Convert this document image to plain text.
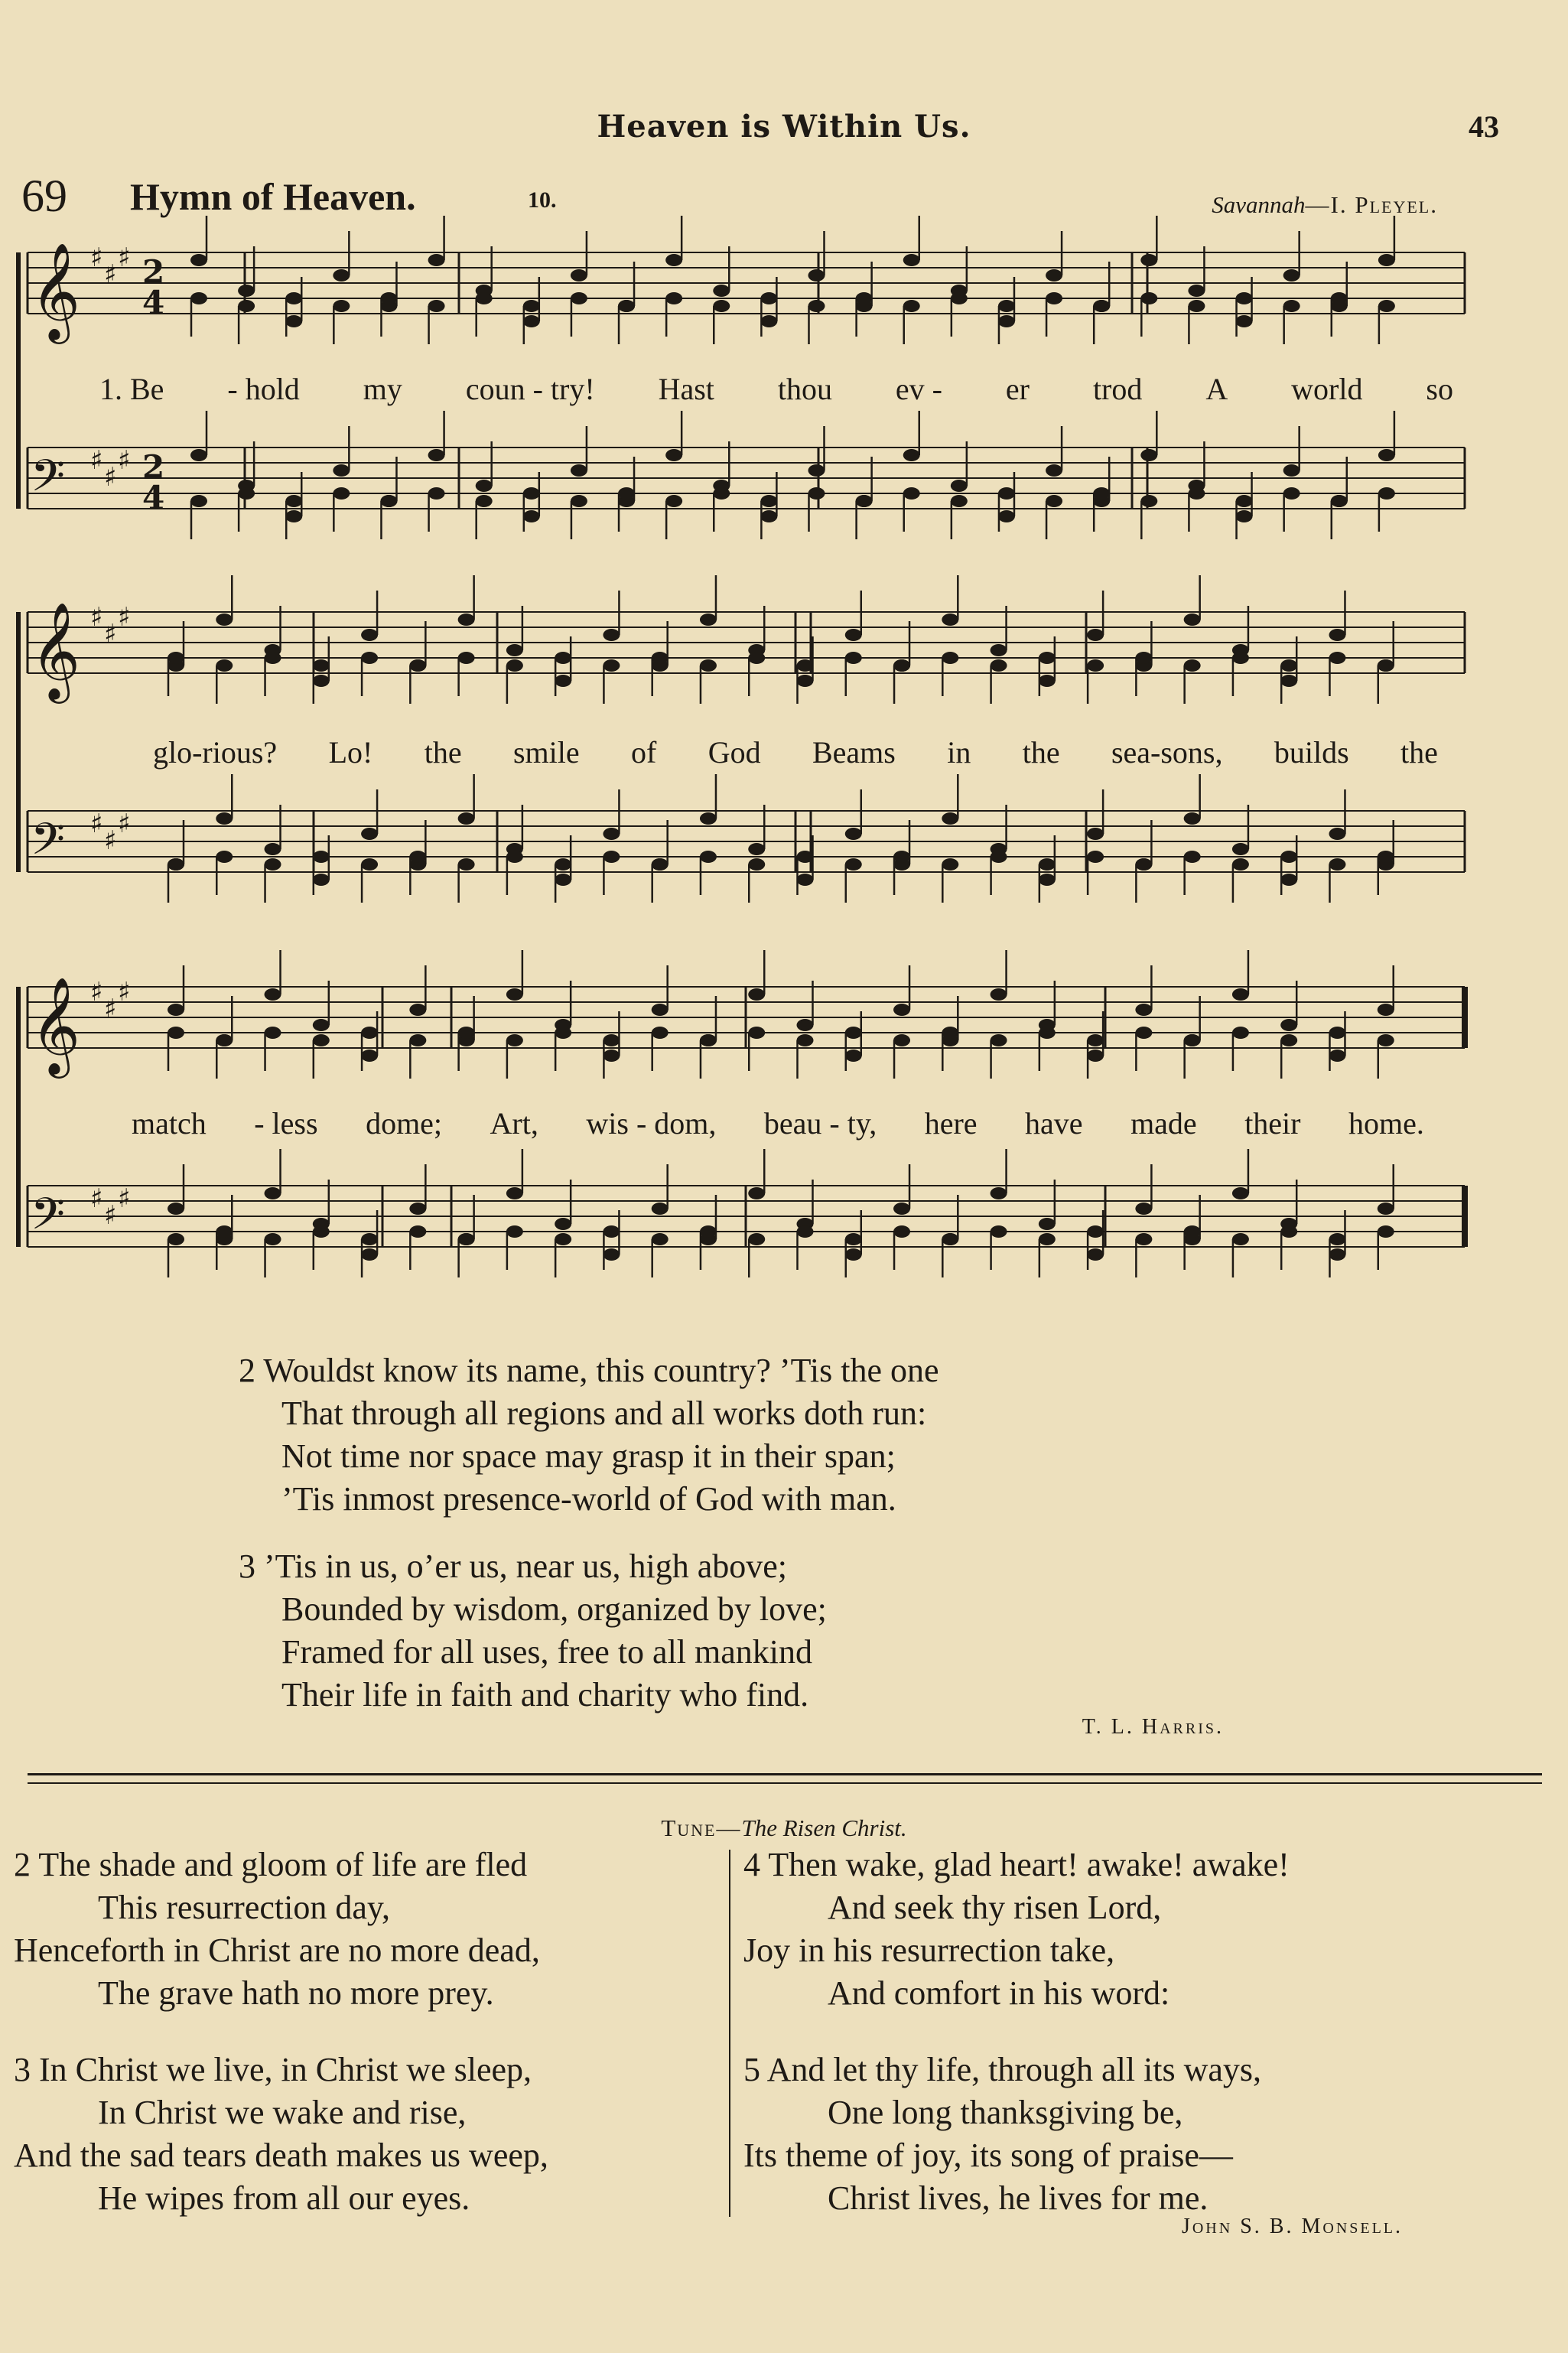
Heaven is Within Us.	43
69 Hymn of Heaven.	10.	Savannah—I. Pleyel.
𝄞 ♯
♯
♯ 2
4
𝄢 ♯
♯
♯ 2
4
𝄞 ♯
♯
♯
𝄢 ♯
♯
♯
𝄞 ♯
♯
♯
𝄢 ♯
♯
♯
1. Be - hold my coun - try! Hast thou ev - er trod A world so
glo-rious? Lo! the smile of God Beams in the sea-sons, builds the
match - less dome; Art, wis - dom, beau - ty, here have made their home.
2 Wouldst know its name, this country? ’Tis the one
That through all regions and all works doth run:
Not time nor space may grasp it in their span;
’Tis inmost presence-world of God with man.
3 ’Tis in us, o’er us, near us, high above;
Bounded by wisdom, organized by love;
Framed for all uses, free to all mankind
Their life in faith and charity who find.
T. L. Harris.
Tune—The Risen Christ.
2 The shade and gloom of life are fled
This resurrection day,
Henceforth in Christ are no more dead,
The grave hath no more prey.
3 In Christ we live, in Christ we sleep,
In Christ we wake and rise,
And the sad tears death makes us weep,
He wipes from all our eyes.
4 Then wake, glad heart! awake! awake!
And seek thy risen Lord,
Joy in his resurrection take,
And comfort in his word:
5 And let thy life, through all its ways,
One long thanksgiving be,
Its theme of joy, its song of praise—
Christ lives, he lives for me.
John S. B. Monsell.
